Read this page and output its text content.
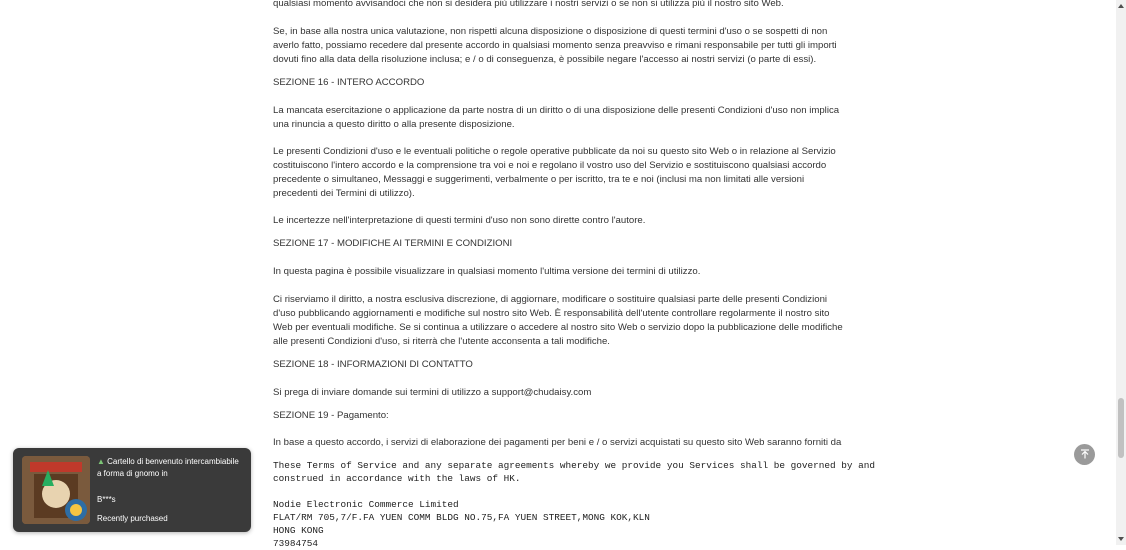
qualsiasi momento avvisandoci che non si desidera più utilizzare i nostri servizi o se non si utilizza più il nostro sito Web.

Se, in base alla nostra unica valutazione, non rispetti alcuna disposizione o disposizione di questi termini d'uso o se sospetti di non averlo fatto, possiamo recedere dal presente accordo in qualsiasi momento senza preavviso e rimani responsabile per tutti gli importi dovuti fino alla data della risoluzione inclusa; e / o di conseguenza, è possibile negare l'accesso ai nostri servizi (o parte di essi).

SEZIONE 16 - INTERO ACCORDO

La mancata esercitazione o applicazione da parte nostra di un diritto o di una disposizione delle presenti Condizioni d'uso non implica una rinuncia a questo diritto o alla presente disposizione.

Le presenti Condizioni d'uso e le eventuali politiche o regole operative pubblicate da noi su questo sito Web o in relazione al Servizio costituiscono l'intero accordo e la comprensione tra voi e noi e regolano il vostro uso del Servizio e sostituiscono qualsiasi accordo precedente o simultaneo, Messaggi e suggerimenti, verbalmente o per iscritto, tra te e noi (inclusi ma non limitati alle versioni precedenti dei Termini di utilizzo).

Le incertezze nell'interpretazione di questi termini d'uso non sono dirette contro l'autore.

SEZIONE 17 - MODIFICHE AI TERMINI E CONDIZIONI

In questa pagina è possibile visualizzare in qualsiasi momento l'ultima versione dei termini di utilizzo.

Ci riserviamo il diritto, a nostra esclusiva discrezione, di aggiornare, modificare o sostituire qualsiasi parte delle presenti Condizioni d'uso pubblicando aggiornamenti e modifiche sul nostro sito Web. È responsabilità dell'utente controllare regolarmente il nostro sito Web per eventuali modifiche. Se si continua a utilizzare o accedere al nostro sito Web o servizio dopo la pubblicazione delle modifiche alle presenti Condizioni d'uso, si riterrà che l'utente acconsenta a tali modifiche.

SEZIONE 18 - INFORMAZIONI DI CONTATTO

Si prega di inviare domande sui termini di utilizzo a support@chudaisy.com

SEZIONE 19 - Pagamento:

In base a questo accordo, i servizi di elaborazione dei pagamenti per beni e / o servizi acquistati su questo sito Web saranno forniti da

These Terms of Service and any separate agreements whereby we provide you Services shall be governed by and
construed in accordance with the laws of HK.

Nodie Electronic Commerce Limited
FLAT/RM 705,7/F.FA YUEN COMM BLDG NO.75,FA YUEN STREET,MONG KOK,KLN
HONG KONG
73984754

▲ Cartello di benvenuto intercambiabile a forma di gnomo in
B***s
Recently purchased
